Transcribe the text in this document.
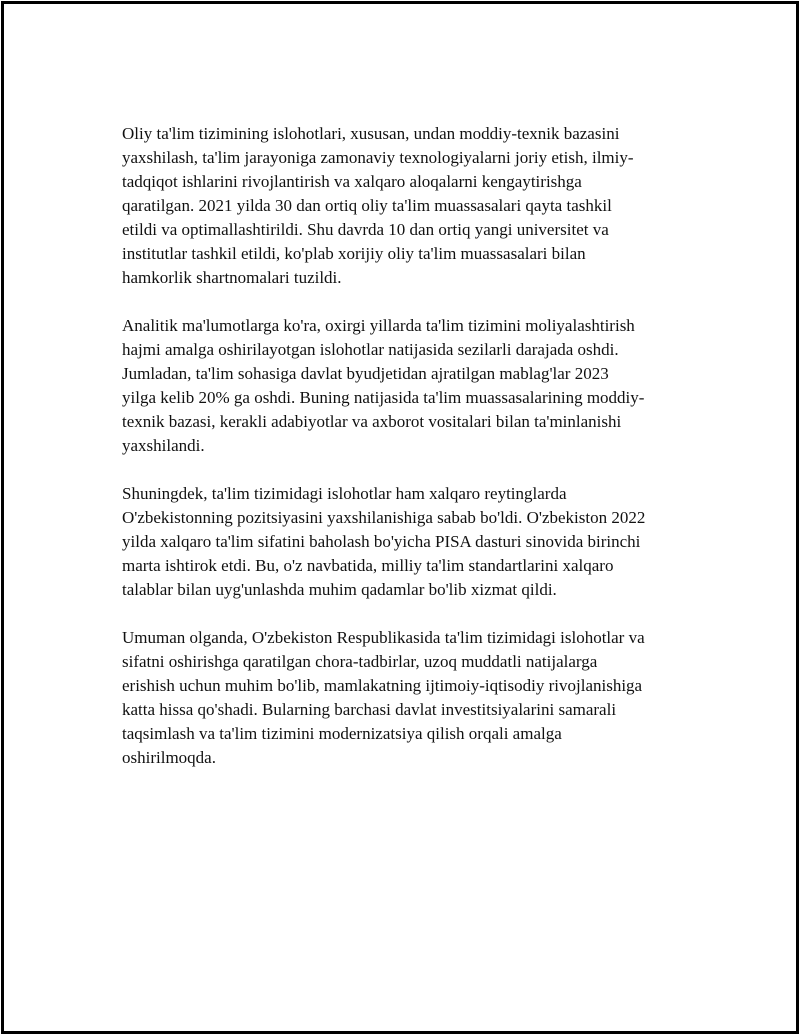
Oliy ta'lim tizimining islohotlari, xususan, undan moddiy-texnik bazasini
yaxshilash, ta'lim jarayoniga zamonaviy texnologiyalarni joriy etish, ilmiy-
tadqiqot ishlarini rivojlantirish va xalqaro aloqalarni kengaytirishga
qaratilgan. 2021 yilda 30 dan ortiq oliy ta'lim muassasalari qayta tashkil
etildi va optimallashtirildi. Shu davrda 10 dan ortiq yangi universitet va
institutlar tashkil etildi, ko'plab xorijiy oliy ta'lim muassasalari bilan
hamkorlik shartnomalari tuzildi.

Analitik ma'lumotlarga ko'ra, oxirgi yillarda ta'lim tizimini moliyalashtirish
hajmi amalga oshirilayotgan islohotlar natijasida sezilarli darajada oshdi.
Jumladan, ta'lim sohasiga davlat byudjetidan ajratilgan mablag'lar 2023
yilga kelib 20% ga oshdi. Buning natijasida ta'lim muassasalarining moddiy-
texnik bazasi, kerakli adabiyotlar va axborot vositalari bilan ta'minlanishi
yaxshilandi.

Shuningdek, ta'lim tizimidagi islohotlar ham xalqaro reytinglarda
O'zbekistonning pozitsiyasini yaxshilanishiga sabab bo'ldi. O'zbekiston 2022
yilda xalqaro ta'lim sifatini baholash bo'yicha PISA dasturi sinovida birinchi
marta ishtirok etdi. Bu, o'z navbatida, milliy ta'lim standartlarini xalqaro
talablar bilan uyg'unlashda muhim qadamlar bo'lib xizmat qildi.

Umuman olganda, O'zbekiston Respublikasida ta'lim tizimidagi islohotlar va
sifatni oshirishga qaratilgan chora-tadbirlar, uzoq muddatli natijalarga
erishish uchun muhim bo'lib, mamlakatning ijtimoiy-iqtisodiy rivojlanishiga
katta hissa qo'shadi. Bularning barchasi davlat investitsiyalarini samarali
taqsimlash va ta'lim tizimini modernizatsiya qilish orqali amalga
oshirilmoqda.
